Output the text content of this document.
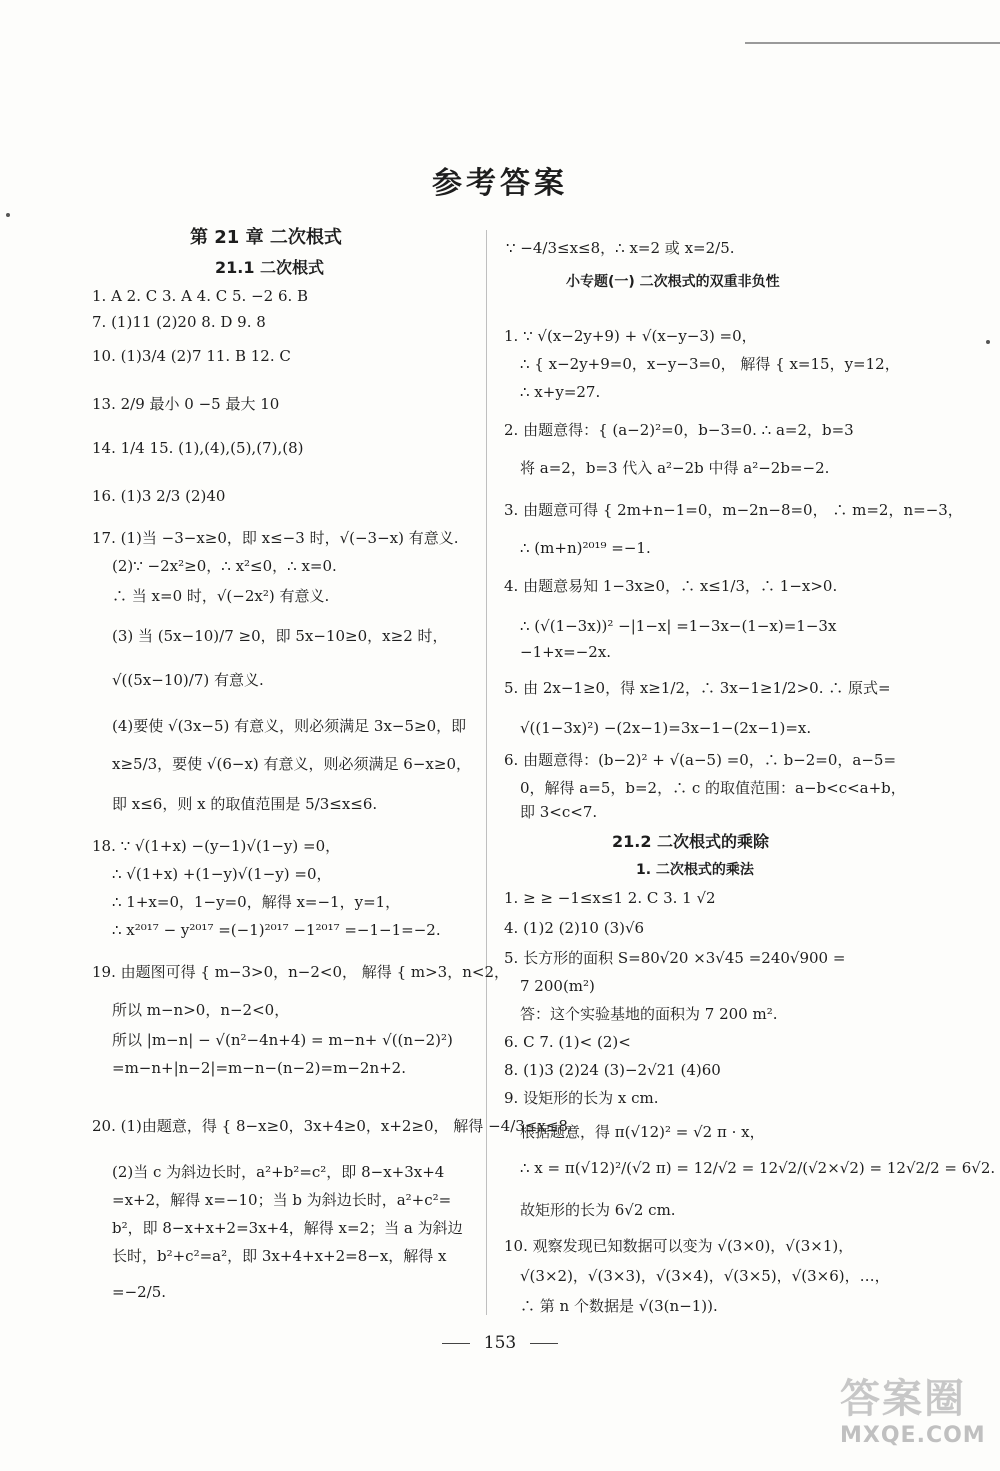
参考答案
第 21 章 二次根式
21.1 二次根式
1. A 2. C 3. A 4. C 5. −2 6. B
7. (1)11 (2)20 8. D 9. 8
10. (1)3/4 (2)7 11. B 12. C
13. 2/9 最小 0 −5 最大 10
14. 1/4 15. (1),(4),(5),(7),(8)
16. (1)3 2/3 (2)40
17. (1)当 −3−x≥0，即 x≤−3 时，√(−3−x) 有意义.
(2)∵ −2x²≥0，∴ x²≤0，∴ x=0.
∴ 当 x=0 时，√(−2x²) 有意义.
(3) 当 (5x−10)/7 ≥0，即 5x−10≥0，x≥2 时，
√((5x−10)/7) 有意义.
(4)要使 √(3x−5) 有意义，则必须满足 3x−5≥0，即
x≥5/3，要使 √(6−x) 有意义，则必须满足 6−x≥0，
即 x≤6，则 x 的取值范围是 5/3≤x≤6.
18. ∵ √(1+x) −(y−1)√(1−y) =0，
∴ √(1+x) +(1−y)√(1−y) =0，
∴ 1+x=0，1−y=0，解得 x=−1，y=1，
∴ x²⁰¹⁷ − y²⁰¹⁷ =(−1)²⁰¹⁷ −1²⁰¹⁷ =−1−1=−2.
19. 由题图可得 { m−3>0，n−2<0， 解得 { m>3，n<2，
所以 m−n>0，n−2<0，
所以 |m−n| − √(n²−4n+4) = m−n+ √((n−2)²)
=m−n+|n−2|=m−n−(n−2)=m−2n+2.
20. (1)由题意，得 { 8−x≥0，3x+4≥0，x+2≥0， 解得 −4/3≤x≤8.
(2)当 c 为斜边长时，a²+b²=c²，即 8−x+3x+4
=x+2，解得 x=−10；当 b 为斜边长时，a²+c²=
b²，即 8−x+x+2=3x+4，解得 x=2；当 a 为斜边
长时，b²+c²=a²，即 3x+4+x+2=8−x，解得 x
=−2/5.
∵ −4/3≤x≤8，∴ x=2 或 x=2/5.
小专题(一) 二次根式的双重非负性
1. ∵ √(x−2y+9) + √(x−y−3) =0，
∴ { x−2y+9=0，x−y−3=0， 解得 { x=15，y=12，
∴ x+y=27.
2. 由题意得：{ (a−2)²=0，b−3=0. ∴ a=2，b=3
将 a=2，b=3 代入 a²−2b 中得 a²−2b=−2.
3. 由题意可得 { 2m+n−1=0，m−2n−8=0， ∴ m=2，n=−3，
∴ (m+n)²⁰¹⁹ =−1.
4. 由题意易知 1−3x≥0，∴ x≤1/3，∴ 1−x>0.
∴ (√(1−3x))² −|1−x| =1−3x−(1−x)=1−3x
−1+x=−2x.
5. 由 2x−1≥0，得 x≥1/2，∴ 3x−1≥1/2>0. ∴ 原式=
√((1−3x)²) −(2x−1)=3x−1−(2x−1)=x.
6. 由题意得：(b−2)² + √(a−5) =0，∴ b−2=0，a−5=
0，解得 a=5，b=2，∴ c 的取值范围：a−b<c<a+b，
即 3<c<7.
21.2 二次根式的乘除
1. 二次根式的乘法
1. ≥ ≥ −1≤x≤1 2. C 3. 1 √2
4. (1)2 (2)10 (3)√6
5. 长方形的面积 S=80√20 ×3√45 =240√900 =
7 200(m²)
答：这个实验基地的面积为 7 200 m².
6. C 7. (1)< (2)<
8. (1)3 (2)24 (3)−2√21 (4)60
9. 设矩形的长为 x cm.
根据题意，得 π(√12)² = √2 π · x，
∴ x = π(√12)²/(√2 π) = 12/√2 = 12√2/(√2×√2) = 12√2/2 = 6√2.
故矩形的长为 6√2 cm.
10. 观察发现已知数据可以变为 √(3×0)，√(3×1)，
√(3×2)，√(3×3)，√(3×4)，√(3×5)，√(3×6)，…，
∴ 第 n 个数据是 √(3(n−1)).
153
答案圈
MXQE.COM
